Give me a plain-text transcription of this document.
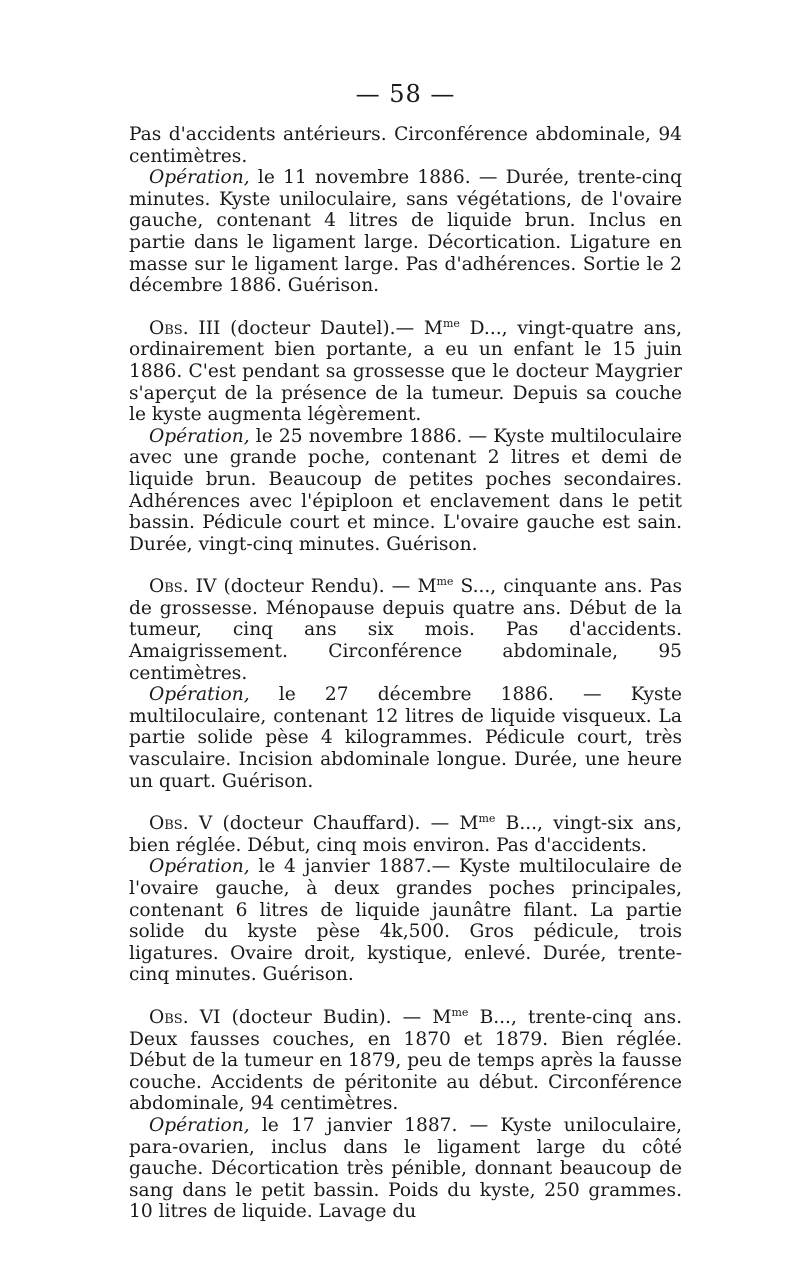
— 58 —

Pas d'accidents antérieurs. Circonférence abdominale, 94 centimètres.

Opération, le 11 novembre 1886. — Durée, trente-cinq minutes. Kyste uniloculaire, sans végétations, de l'ovaire gauche, contenant 4 litres de liquide brun. Inclus en partie dans le ligament large. Décortication. Ligature en masse sur le ligament large. Pas d'adhérences. Sortie le 2 décembre 1886. Guérison.

Obs. III (docteur Dautel).— $M^{me}$ D..., vingt-quatre ans, ordinairement bien portante, a eu un enfant le 15 juin 1886. C'est pendant sa grossesse que le docteur Maygrier s'aperçut de la présence de la tumeur. Depuis sa couche le kyste augmenta légèrement.

Opération, le 25 novembre 1886. — Kyste multiloculaire avec une grande poche, contenant 2 litres et demi de liquide brun. Beaucoup de petites poches secondaires. Adhérences avec l'épiploon et enclavement dans le petit bassin. Pédicule court et mince. L'ovaire gauche est sain. Durée, vingt-cinq minutes. Guérison.

Obs. IV (docteur Rendu). — $M^{me}$ S..., cinquante ans. Pas de grossesse. Ménopause depuis quatre ans. Début de la tumeur, cinq ans six mois. Pas d'accidents. Amaigrissement. Circonférence abdominale, 95 centimètres.

Opération, le 27 décembre 1886. — Kyste multiloculaire, contenant 12 litres de liquide visqueux. La partie solide pèse 4 kilogrammes. Pédicule court, très vasculaire. Incision abdominale longue. Durée, une heure un quart. Guérison.

Obs. V (docteur Chauffard). — $M^{me}$ B..., vingt-six ans, bien réglée. Début, cinq mois environ. Pas d'accidents.

Opération, le 4 janvier 1887.— Kyste multiloculaire de l'ovaire gauche, à deux grandes poches principales, contenant 6 litres de liquide jaunâtre filant. La partie solide du kyste pèse 4k,500. Gros pédicule, trois ligatures. Ovaire droit, kystique, enlevé. Durée, trente-cinq minutes. Guérison.

Obs. VI (docteur Budin). — $M^{me}$ B..., trente-cinq ans. Deux fausses couches, en 1870 et 1879. Bien réglée. Début de la tumeur en 1879, peu de temps après la fausse couche. Accidents de péritonite au début. Circonférence abdominale, 94 centimètres.

Opération, le 17 janvier 1887. — Kyste uniloculaire, para-ovarien, inclus dans le ligament large du côté gauche. Décortication très pénible, donnant beaucoup de sang dans le petit bassin. Poids du kyste, 250 grammes. 10 litres de liquide. Lavage du
